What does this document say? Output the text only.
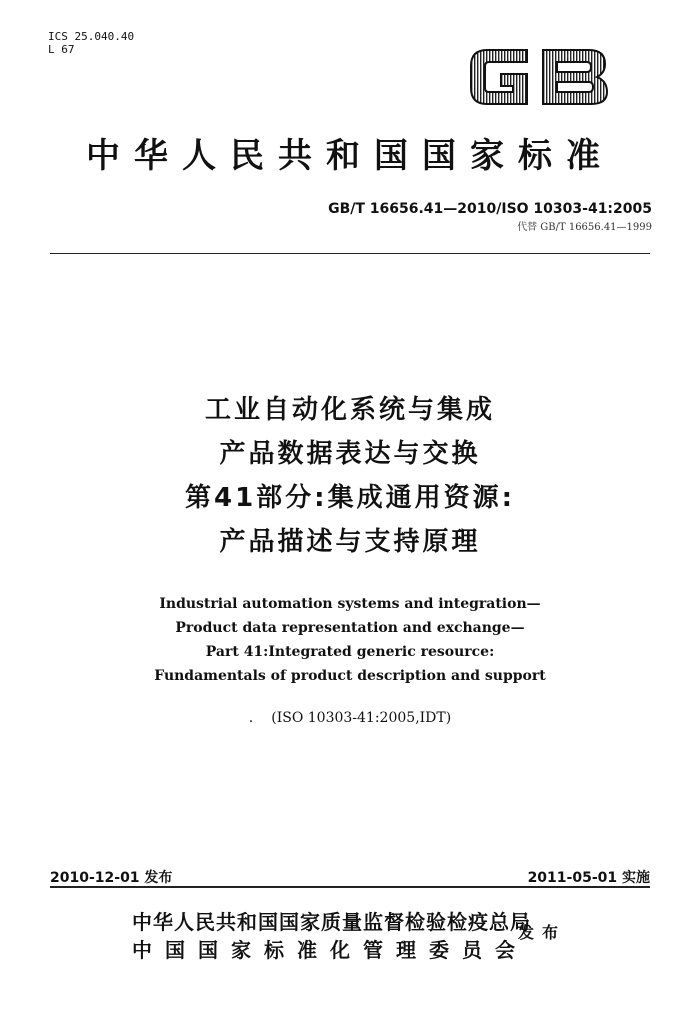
ICS 25.040.40
L 67
中华人民共和国国家标准
GB/T 16656.41—2010/ISO 10303-41:2005
代替 GB/T 16656.41—1999
工业自动化系统与集成
产品数据表达与交换
第41部分:集成通用资源:
产品描述与支持原理
Industrial automation systems and integration—
Product data representation and exchange—
Part 41:Integrated generic resource:
Fundamentals of product description and support
. (ISO 10303-41:2005,IDT)
2010-12-01 发布	2011-05-01 实施
中华人民共和国国家质量监督检验检疫总局
中国国家标准化管理委员会
发布
